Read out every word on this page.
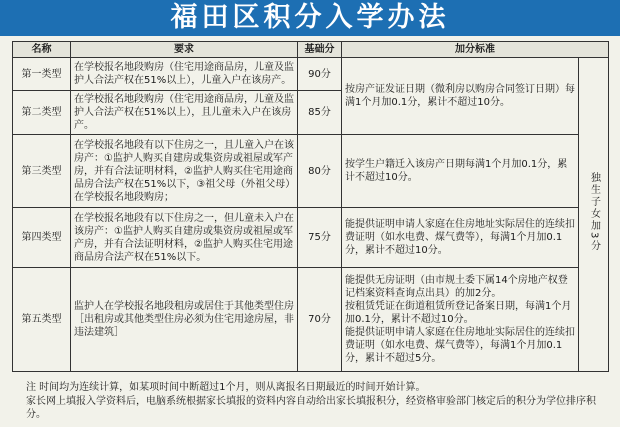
福田区积分入学办法
名称	要求	基础分	加分标准	
第一类型	在学校报名地段购房（住宅用途商品房，儿童及监护人合法产权在51%以上），儿童入户在该房产。	90分	按房产证发证日期（微利房以购房合同签订日期）每满1个月加0.1分，累计不超过10分。	独生子女加3分
第二类型	在学校报名地段购房（住宅用途商品房，儿童及监护人合法产权在51%以上），且儿童未入户在该房产。	85分		
第三类型	在学校报名地段有以下住房之一，且儿童入户在该房产：①监护人购买自建房或集资房或祖屋或军产房，并有合法证明材料，②监护人购买住宅用途商品房合法产权在51%以下，③祖父母（外祖父母）在学校报名地段购房；	80分	按学生户籍迁入该房产日期每满1个月加0.1分，累计不超过10分。	
第四类型	在学校报名地段有以下住房之一，但儿童未入户在该房产：①监护人购买自建房或集资房或祖屋或军产房，并有合法证明材料，②监护人购买住宅用途商品房合法产权在51%以下。	75分	能提供证明申请人家庭在住房地址实际居住的连续扣费证明（如水电费、煤气费等），每满1个月加0.1分，累计不超过10分。	
第五类型	监护人在学校报名地段租房或居住于其他类型住房［出租房或其他类型住房必须为住宅用途房屋，非违法建筑］	70分	能提供无房证明（由市规土委下属14个房地产权登记档案资料查询点出具）的加2分。

按租赁凭证在街道租赁所登记备案日期，每满1个月加0.1分，累计不超过10分。

能提供证明申请人家庭在住房地址实际居住的连续扣费证明（如水电费、煤气费等），每满1个月加0.1分，累计不超过5分。	

注 时间均为连续计算，如某项时间中断超过1个月，则从离报名日期最近的时间开始计算。
家长网上填报入学资料后，电脑系统根据家长填报的资料内容自动给出家长填报积分，经资格审验部门核定后的积分为学位排序积分。
